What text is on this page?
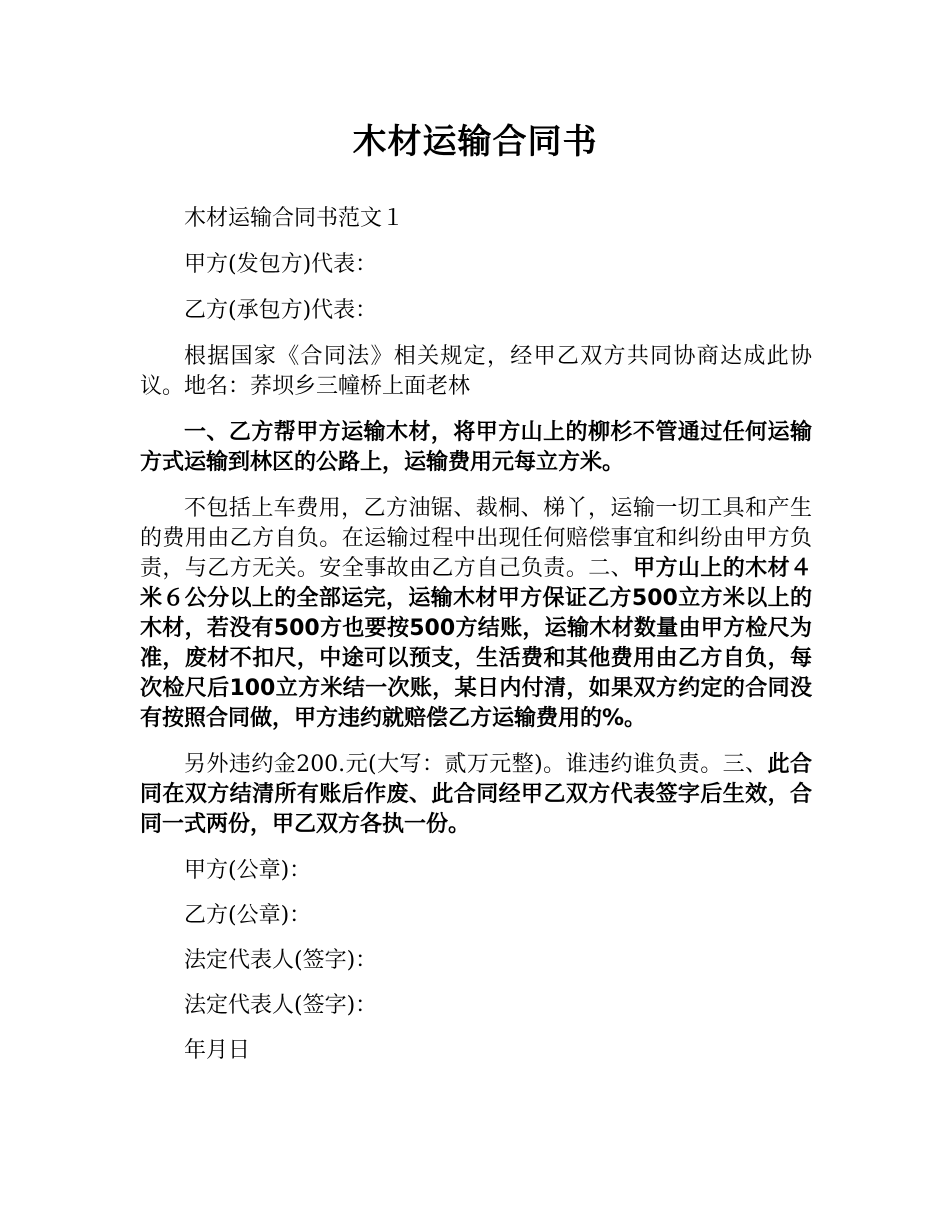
木材运输合同书

木材运输合同书范文１

甲方(发包方)代表：

乙方(承包方)代表：

根据国家《合同法》相关规定，经甲乙双方共同协商达成此协议。地名：荞坝乡三幢桥上面老林

一、乙方帮甲方运输木材，将甲方山上的柳杉不管通过任何运输方式运输到林区的公路上，运输费用元每立方米。

不包括上车费用，乙方油锯、裁桐、梯丫，运输一切工具和产生的费用由乙方自负。在运输过程中出现任何赔偿事宜和纠纷由甲方负责，与乙方无关。安全事故由乙方自己负责。二、甲方山上的木材４米６公分以上的全部运完，运输木材甲方保证乙方500立方米以上的木材，若没有500方也要按500方结账，运输木材数量由甲方检尺为准，废材不扣尺，中途可以预支，生活费和其他费用由乙方自负，每次检尺后100立方米结一次账，某日内付清，如果双方约定的合同没有按照合同做，甲方违约就赔偿乙方运输费用的%。

另外违约金200.元(大写：贰万元整)。谁违约谁负责。三、此合同在双方结清所有账后作废、此合同经甲乙双方代表签字后生效，合同一式两份，甲乙双方各执一份。

甲方(公章)：

乙方(公章)：

法定代表人(签字)：

法定代表人(签字)：

年月日
